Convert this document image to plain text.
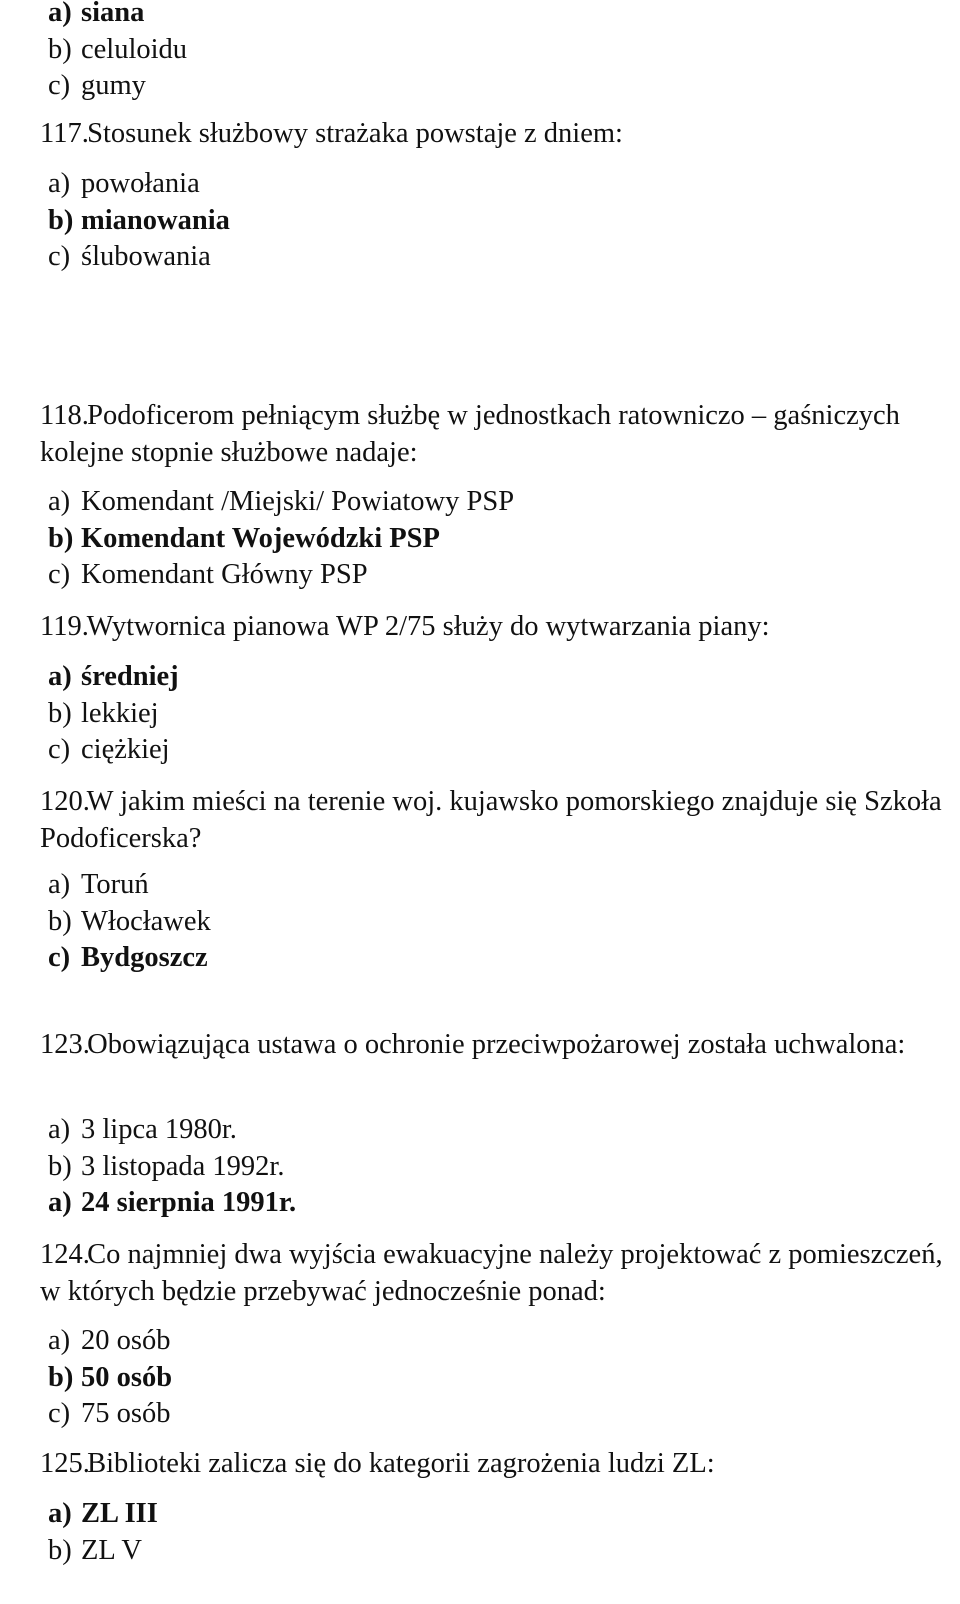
a) siana
b) celuloidu
c) gumy
117. Stosunek służbowy strażaka powstaje z dniem:
a) powołania
b) mianowania
c) ślubowania
118. Podoficerom pełniącym służbę w jednostkach ratowniczo – gaśniczych kolejne stopnie służbowe nadaje:
a) Komendant /Miejski/ Powiatowy PSP
b) Komendant Wojewódzki PSP
c) Komendant Główny PSP
119. Wytwornica pianowa WP 2/75 służy do wytwarzania piany:
a) średniej
b) lekkiej
c) ciężkiej
120. W jakim mieści na terenie woj. kujawsko pomorskiego znajduje się Szkoła Podoficerska?
a) Toruń
b) Włocławek
c) Bydgoszcz
123. Obowiązująca ustawa o ochronie przeciwpożarowej została uchwalona:
a) 3 lipca 1980r.
b) 3 listopada 1992r.
a) 24 sierpnia 1991r.
124. Co najmniej dwa wyjścia ewakuacyjne należy projektować z pomieszczeń, w których będzie przebywać jednocześnie ponad:
a) 20 osób
b) 50 osób
c) 75 osób
125. Biblioteki zalicza się do kategorii zagrożenia ludzi ZL:
a) ZL III
b) ZL V
